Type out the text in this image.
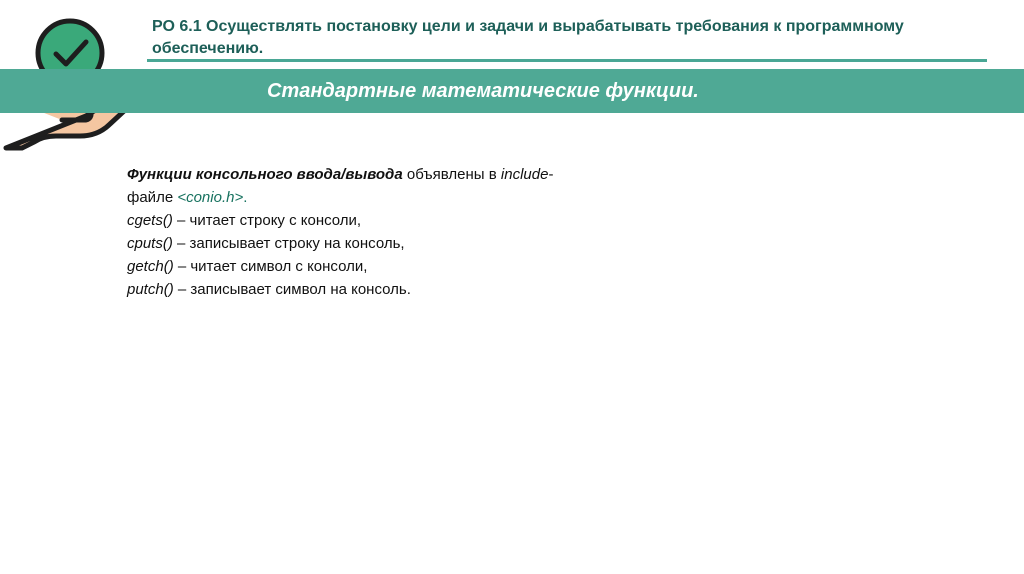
РО 6.1 Осуществлять постановку цели и задачи и вырабатывать требования к программному обеспечению.
Стандартные математические функции.
Функции консольного ввода/вывода объявлены в include-
файле <conio.h>.
cgets() – читает строку с консоли,
cputs() – записывает строку на консоль,
getch() – читает символ с консоли,
putch() – записывает символ на консоль.
